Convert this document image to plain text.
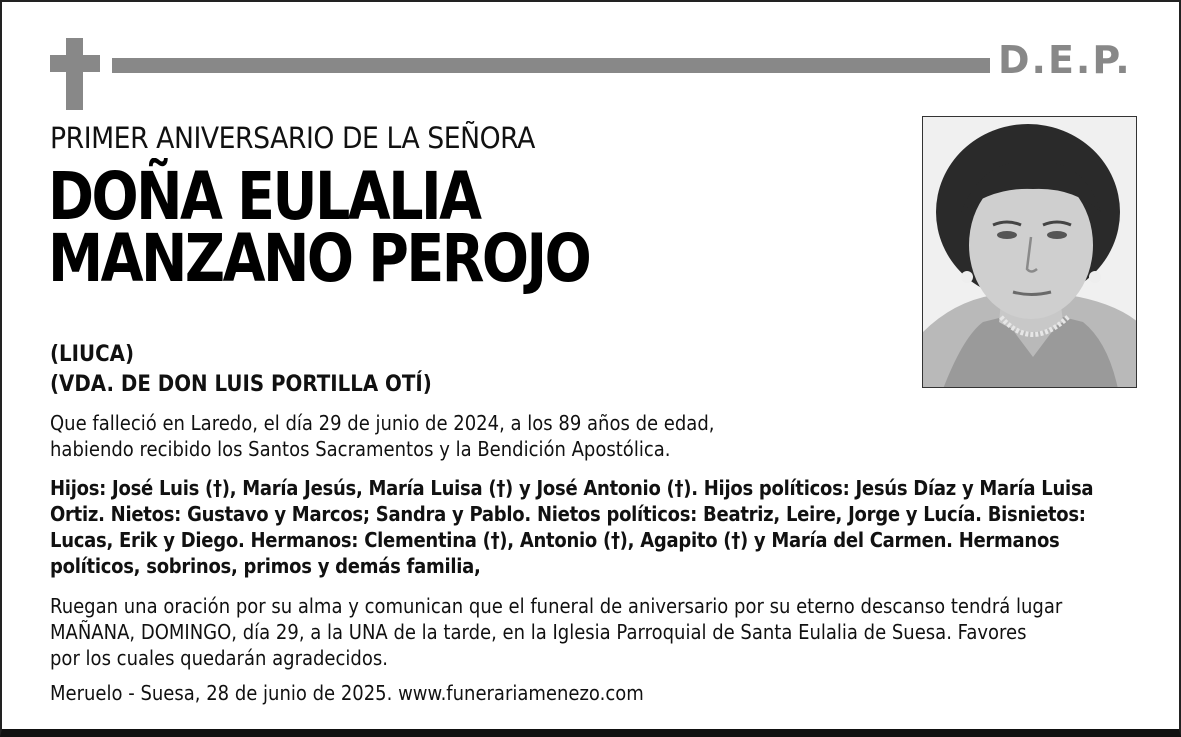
D.E.P.
PRIMER ANIVERSARIO DE LA SEÑORA
DOÑA EULALIA
MANZANO PEROJO
(LIUCA)
(VDA. DE DON LUIS PORTILLA OTÍ)
Que falleció en Laredo, el día 29 de junio de 2024, a los 89 años de edad,
habiendo recibido los Santos Sacramentos y la Bendición Apostólica.
Hijos: José Luis (†), María Jesús, María Luisa (†) y José Antonio (†). Hijos políticos: Jesús Díaz y María Luisa
Ortiz. Nietos: Gustavo y Marcos; Sandra y Pablo. Nietos políticos: Beatriz, Leire, Jorge y Lucía. Bisnietos:
Lucas, Erik y Diego. Hermanos: Clementina (†), Antonio (†), Agapito (†) y María del Carmen. Hermanos
políticos, sobrinos, primos y demás familia,
Ruegan una oración por su alma y comunican que el funeral de aniversario por su eterno descanso tendrá lugar
MAÑANA, DOMINGO, día 29, a la UNA de la tarde, en la Iglesia Parroquial de Santa Eulalia de Suesa. Favores
por los cuales quedarán agradecidos.
Meruelo - Suesa, 28 de junio de 2025. www.funerariamenezo.com
